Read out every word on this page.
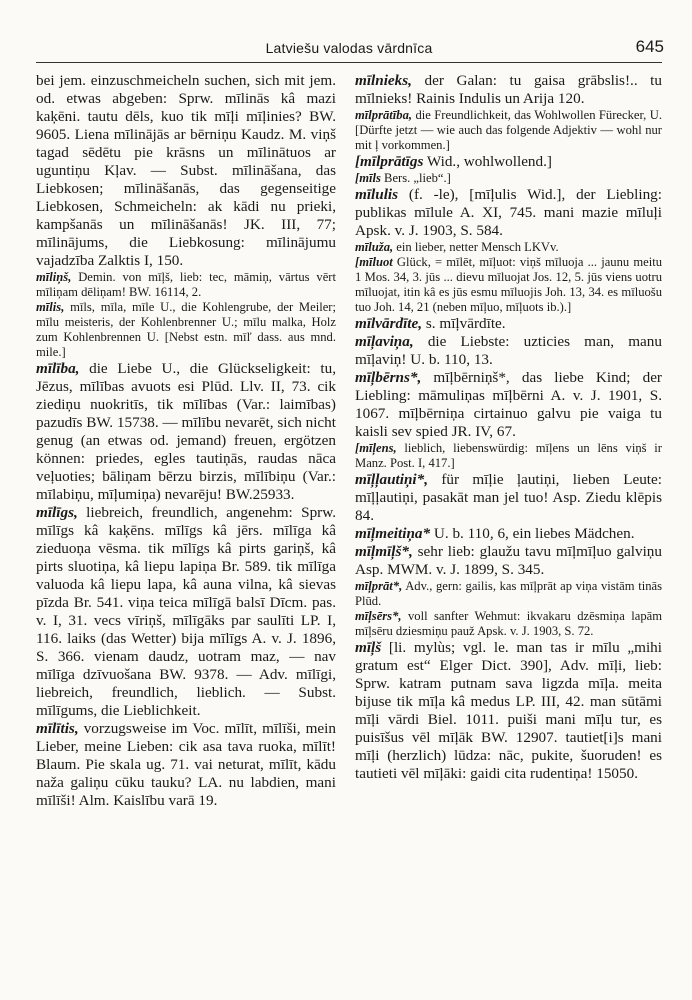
Latviešu valodas vārdnīca	645
bei jem. einzuschmeicheln suchen, sich mit jem. od. etwas abgeben: Sprw. mīlinās kâ mazi kaķēni. tautu dēls, kuo tik mīļi mīļinies? BW. 9605. Liena mīlinājās ar bērniņu Kaudz. M. viņš tagad sēdētu pie krāsns un mīlinātuos ar uguntiņu Kļav. — Subst. mīlināšana, das Liebkosen; mīlināšanās, das gegenseitige Liebkosen, Schmeicheln: ak kādi nu prieki, kampšanās un mīlināšanās! JK. III, 77; mīlinājums, die Liebkosung: mīlinājumu vajadzība Zalktis I, 150.
mīliņš, Demin. von mīļš, lieb: tec, māmiņ, vārtus vērt mīliņam dēliņam! BW. 16114, 2.
mīlis, mīls, mīla, mīle U., die Kohlengrube, der Meiler; mīlu meisteris, der Kohlenbrenner U.; mīlu malka, Holz zum Kohlenbrennen U. [Nebst estn. mīľ dass. aus mnd. mile.]
mīlība, die Liebe U., die Glückseligkeit: tu, Jēzus, mīlības avuots esi Plūd. Llv. II, 73. cik ziediņu nuokritīs, tik mīlības (Var.: laimības) pazudīs BW. 15738. — mīlību nevarēt, sich nicht genug (an etwas od. jemand) freuen, ergötzen können: priedes, egles tautiņās, raudas nāca veļuoties; bāliņam bērzu birzis, mīlībiņu (Var.: mīlabiņu, mīļumiņa) nevarēju! BW.25933.
mīlīgs, liebreich, freundlich, angenehm: Sprw. mīlīgs kâ kaķēns. mīlīgs kâ jērs. mīlīga kâ zieduoņa vēsma. tik mīlīgs kâ pirts gariņš, kâ pirts sluotiņa, kâ liepu lapiņa Br. 589. tik mīlīga valuoda kâ liepu lapa, kâ auna vilna, kâ sievas pīzda Br. 541. viņa teica mīlīgā balsī Dīcm. pas. v. I, 31. vecs vīriņš, mīlīgāks par saulīti LP. I, 116. laiks (das Wetter) bija mīlīgs A. v. J. 1896, S. 366. vienam daudz, uotram maz, — nav mīlīga dzīvuošana BW. 9378. — Adv. mīlīgi, liebreich, freundlich, lieblich. — Subst. mīlīgums, die Lieblichkeit.
mīlītis, vorzugsweise im Voc. mīlīt, mīlīši, mein Lieber, meine Lieben: cik asa tava ruoka, mīlīt! Blaum. Pie skala ug. 71. vai neturat, mīlīt, kādu naža galiņu cūku tauku? LA. nu labdien, mani mīlīši! Alm. Kaislību varā 19.
mīlnieks, der Galan: tu gaisa grābslis!.. tu mīlnieks! Rainis Indulis un Arija 120.
mīlprātība, die Freundlichkeit, das Wohlwollen Fürecker, U. [Dürfte jetzt — wie auch das folgende Adjektiv — wohl nur mit ļ vorkommen.]
[mīlprātīgs Wid., wohlwollend.]
[mīls Bers. „lieb“.]
mīlulis (f. -le), [mīļulis Wid.], der Liebling: publikas mīlule A. XI, 745. mani mazie mīluļi Apsk. v. J. 1903, S. 584.
mīluža, ein lieber, netter Mensch LKVv.
[mīluot Glück, = mīlēt, mīļuot: viņš mīluoja ... jaunu meitu 1 Mos. 34, 3. jūs ... dievu mīluojat Jos. 12, 5. jūs viens uotru mīluojat, itin kâ es jūs esmu mīluojis Joh. 13, 34. es mīluošu tuo Joh. 14, 21 (neben mīļuo, mīļuots ib.).]
mīlvārdīte, s. mīļvārdīte.
mīļaviņa, die Liebste: uzticies man, manu mīļaviņ! U. b. 110, 13.
mīļbērns*, mīļbērniņš*, das liebe Kind; der Liebling: māmuliņas mīļbērni A. v. J. 1901, S. 1067. mīļbērniņa cirtainuo galvu pie vaiga tu kaisli sev spied JR. IV, 67.
[mīļens, lieblich, liebenswürdig: mīļens un lēns viņš ir Manz. Post. I, 417.]
mīļļautiņi*, für mīļie ļautiņi, lieben Leute: mīļļautiņi, pasakāt man jel tuo! Asp. Ziedu klēpis 84.
mīļmeitiņa* U. b. 110, 6, ein liebes Mädchen.
mīļmīļš*, sehr lieb: glaužu tavu mīļmīļuo galviņu Asp. MWM. v. J. 1899, S. 345.
mīļprāt*, Adv., gern: gailis, kas mīļprāt ap viņa vistām tinās Plūd.
mīļsērs*, voll sanfter Wehmut: ikvakaru dzēsmiņa lapām mīļsēru dziesmiņu pauž Apsk. v. J. 1903, S. 72.
mīļš [li. mylùs; vgl. le. man tas ir mīlu „mihi gratum est“ Elger Dict. 390], Adv. mīļi, lieb: Sprw. katram putnam sava ligzda mīļa. meita bijuse tik mīļa kâ medus LP. III, 42. man sūtāmi mīļi vārdi Biel. 1011. puiši mani mīļu tur, es puisīšus vēl mīļāk BW. 12907. tautiet[i]s mani mīļi (herzlich) lūdza: nāc, pukite, šuoruden! es tautieti vēl mīļāki: gaidi cita rudentiņa! 15050.
